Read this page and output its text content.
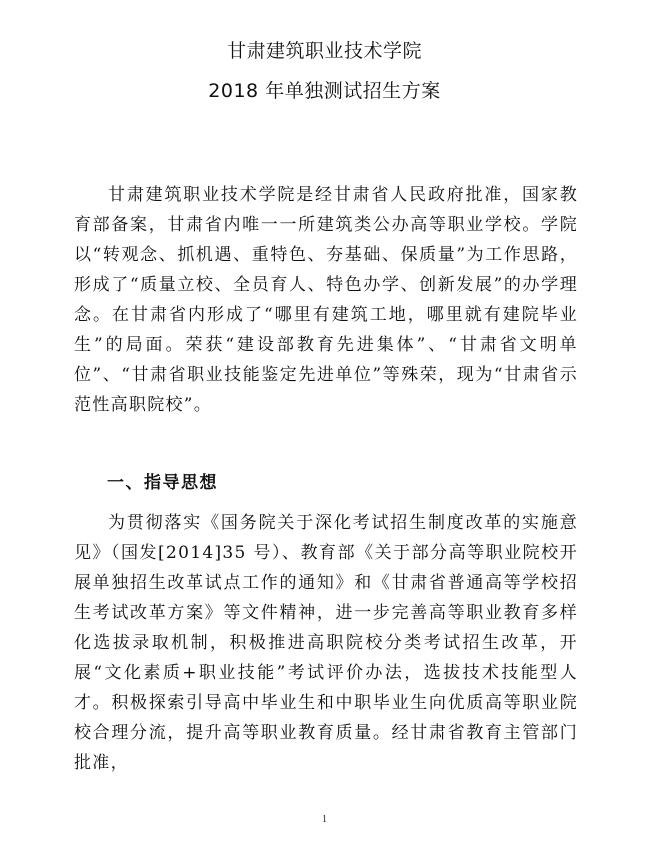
甘肃建筑职业技术学院
2018 年单独测试招生方案

甘肃建筑职业技术学院是经甘肃省人民政府批准，国家教育部备案，甘肃省内唯一一所建筑类公办高等职业学校。学院以“转观念、抓机遇、重特色、夯基础、保质量”为工作思路，形成了“质量立校、全员育人、特色办学、创新发展”的办学理念。在甘肃省内形成了“哪里有建筑工地，哪里就有建院毕业生”的局面。荣获“建设部教育先进集体”、“甘肃省文明单位”、“甘肃省职业技能鉴定先进单位”等殊荣，现为“甘肃省示范性高职院校”。

一、指导思想

为贯彻落实《国务院关于深化考试招生制度改革的实施意见》（国发[2014]35 号）、教育部《关于部分高等职业院校开展单独招生改革试点工作的通知》和《甘肃省普通高等学校招生考试改革方案》等文件精神，进一步完善高等职业教育多样化选拔录取机制，积极推进高职院校分类考试招生改革，开展“文化素质+职业技能”考试评价办法，选拔技术技能型人才。积极探索引导高中毕业生和中职毕业生向优质高等职业院校合理分流，提升高等职业教育质量。经甘肃省教育主管部门批准，

1
